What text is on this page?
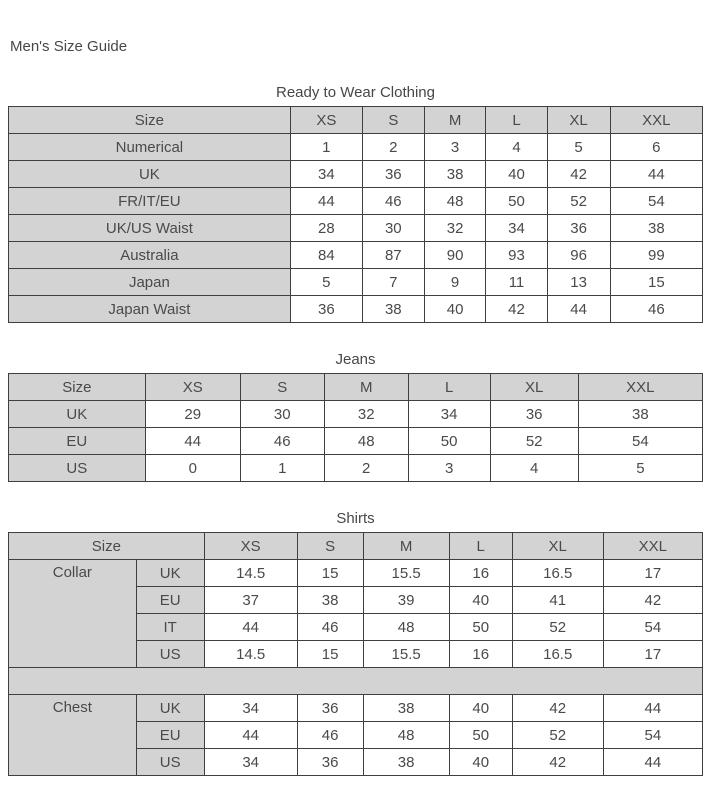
Men's Size Guide
Ready to Wear Clothing
Size	XS	S	M	L	XL	XXL
Numerical	1	2	3	4	5	6
UK	34	36	38	40	42	44
FR/IT/EU	44	46	48	50	52	54
UK/US Waist	28	30	32	34	36	38
Australia	84	87	90	93	96	99
Japan	5	7	9	11	13	15
Japan Waist	36	38	40	42	44	46
Jeans
Size	XS	S	M	L	XL	XXL
UK	29	30	32	34	36	38
EU	44	46	48	50	52	54
US	0	1	2	3	4	5
Shirts
Size		XS	S	M	L	XL	XXL
Collar	UK	14.5	15	15.5	16	16.5	17
	EU	37	38	39	40	41	42
	IT	44	46	48	50	52	54
	US	14.5	15	15.5	16	16.5	17

Chest	UK	34	36	38	40	42	44
	EU	44	46	48	50	52	54
	US	34	36	38	40	42	44
